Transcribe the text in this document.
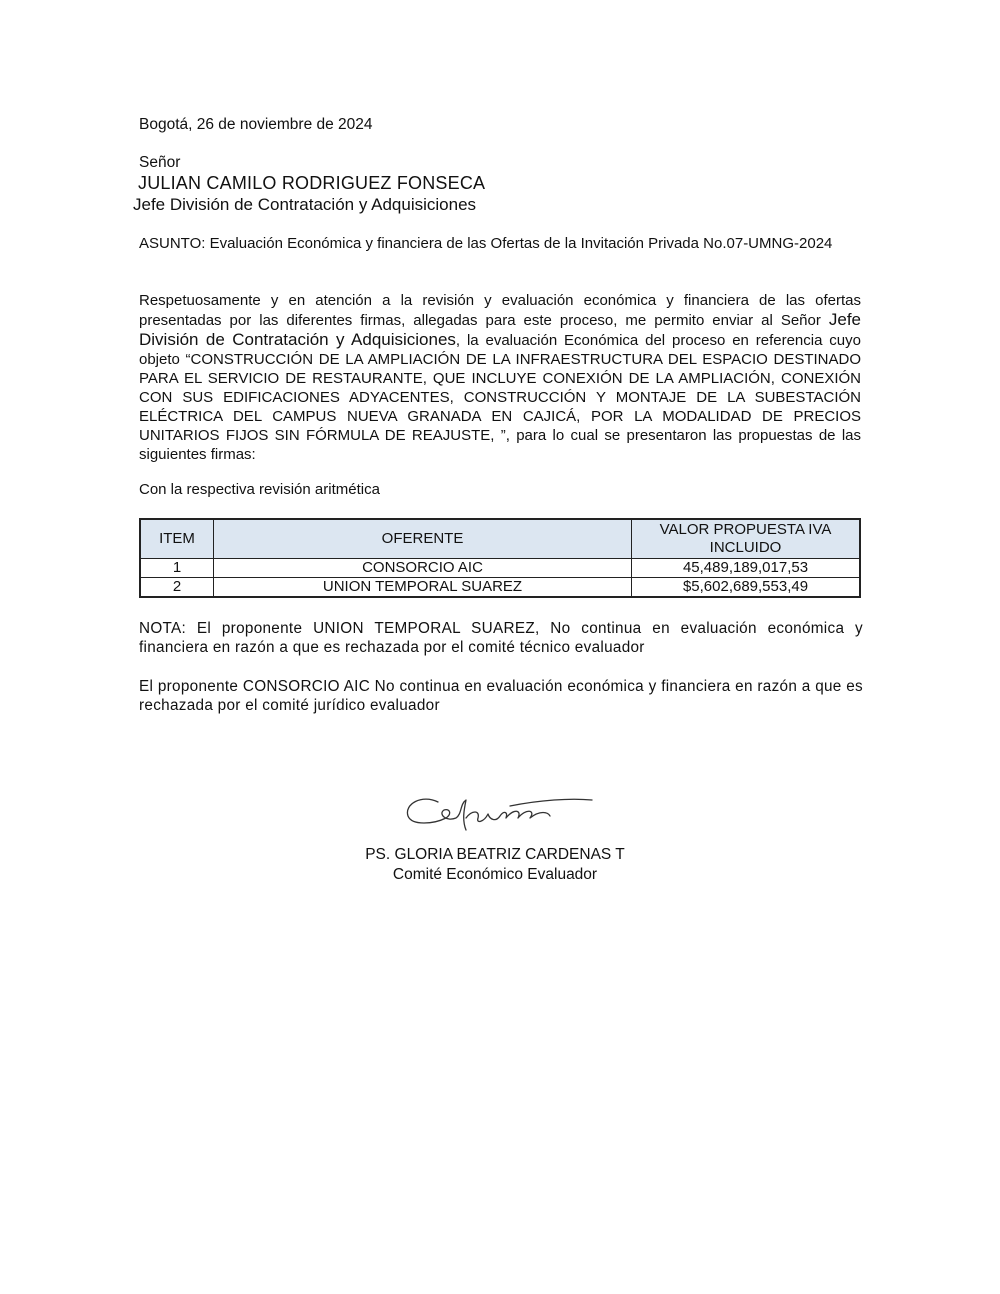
Bogotá, 26 de noviembre de 2024
Señor
JULIAN CAMILO RODRIGUEZ FONSECA
Jefe División de Contratación y Adquisiciones
ASUNTO: Evaluación Económica y financiera de las Ofertas de la Invitación Privada No.07-UMNG-2024
Respetuosamente y en atención a la revisión y evaluación económica y financiera de las ofertas presentadas por las diferentes firmas, allegadas para este proceso, me permito enviar al Señor Jefe División de Contratación y Adquisiciones, la evaluación Económica del proceso en referencia cuyo objeto “CONSTRUCCIÓN DE LA AMPLIACIÓN DE LA INFRAESTRUCTURA DEL ESPACIO DESTINADO PARA EL SERVICIO DE RESTAURANTE, QUE INCLUYE CONEXIÓN DE LA AMPLIACIÓN, CONEXIÓN CON SUS EDIFICACIONES ADYACENTES, CONSTRUCCIÓN Y MONTAJE DE LA SUBESTACIÓN ELÉCTRICA DEL CAMPUS NUEVA GRANADA EN CAJICÁ, POR LA MODALIDAD DE PRECIOS UNITARIOS FIJOS SIN FÓRMULA DE REAJUSTE, ”, para lo cual se presentaron las propuestas de las siguientes firmas:
Con la respectiva revisión aritmética
ITEM	OFERENTE	VALOR PROPUESTA IVA INCLUIDO
1	CONSORCIO AIC	45,489,189,017,53
2	UNION TEMPORAL SUAREZ	$5,602,689,553,49
NOTA: El proponente UNION TEMPORAL SUAREZ, No continua en evaluación económica y financiera en razón a que es rechazada por el comité técnico evaluador
El proponente CONSORCIO AIC No continua en evaluación económica y financiera en razón a que es rechazada por el comité jurídico evaluador
PS. GLORIA BEATRIZ CARDENAS T
Comité Económico Evaluador
